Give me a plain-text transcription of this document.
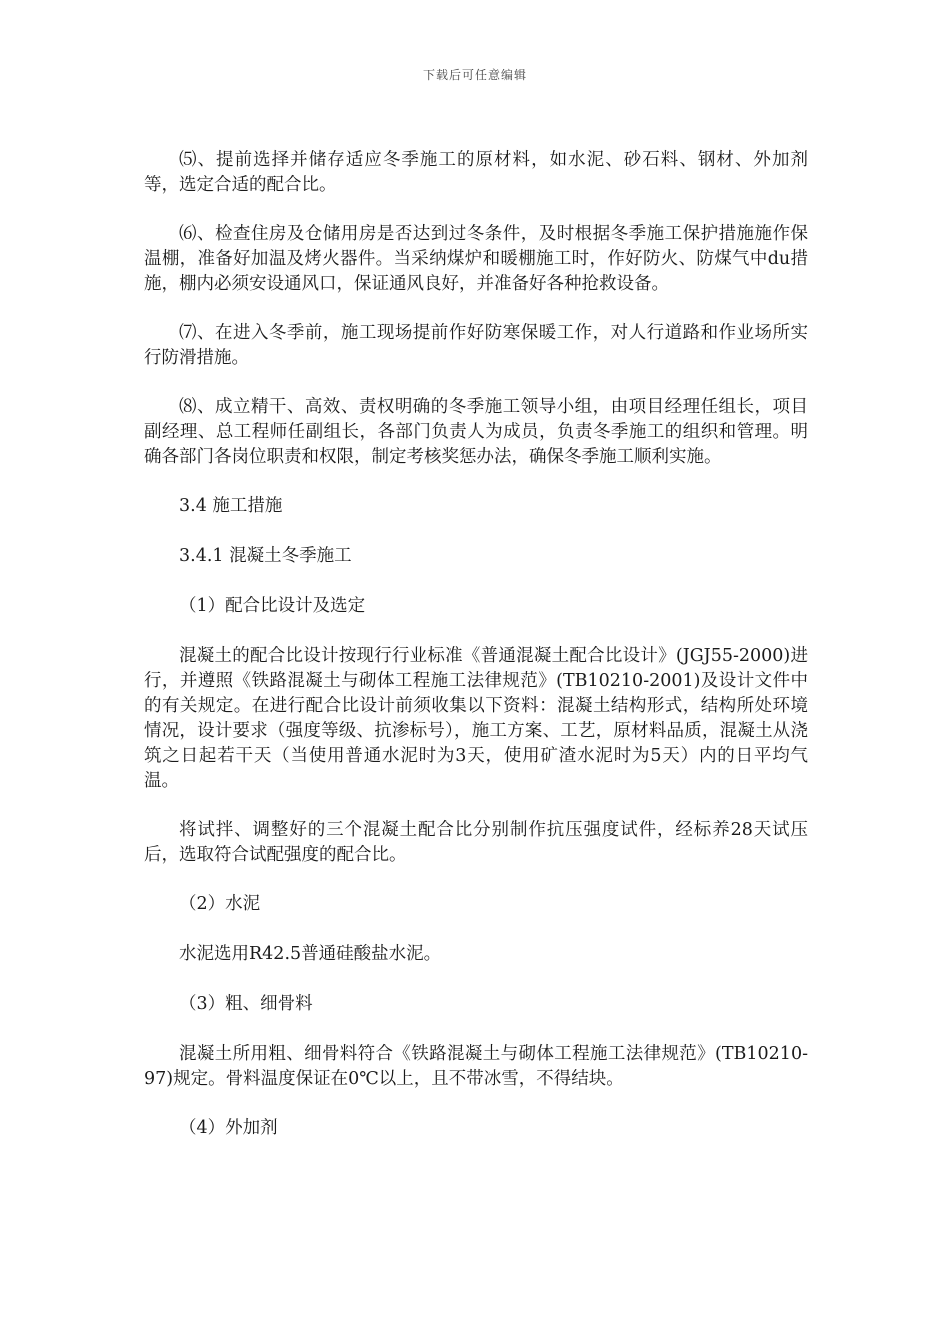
下载后可任意编辑

⑸、提前选择并储存适应冬季施工的原材料，如水泥、砂石料、钢材、外加剂等，选定合适的配合比。

⑹、检查住房及仓储用房是否达到过冬条件，及时根据冬季施工保护措施施作保温棚，准备好加温及烤火器件。当采纳煤炉和暖棚施工时，作好防火、防煤气中du措施，棚内必须安设通风口，保证通风良好，并准备好各种抢救设备。

⑺、在进入冬季前，施工现场提前作好防寒保暖工作，对人行道路和作业场所实行防滑措施。

⑻、成立精干、高效、责权明确的冬季施工领导小组，由项目经理任组长，项目副经理、总工程师任副组长，各部门负责人为成员，负责冬季施工的组织和管理。明确各部门各岗位职责和权限，制定考核奖惩办法，确保冬季施工顺利实施。

3.4 施工措施

3.4.1 混凝土冬季施工

（1）配合比设计及选定

混凝土的配合比设计按现行行业标准《普通混凝土配合比设计》(JGJ55-2000)进行，并遵照《铁路混凝土与砌体工程施工法律规范》(TB10210-2001)及设计文件中的有关规定。在进行配合比设计前须收集以下资料：混凝土结构形式，结构所处环境情况，设计要求（强度等级、抗渗标号），施工方案、工艺，原材料品质，混凝土从浇筑之日起若干天（当使用普通水泥时为3天，使用矿渣水泥时为5天）内的日平均气温。

将试拌、调整好的三个混凝土配合比分别制作抗压强度试件，经标养28天试压后，选取符合试配强度的配合比。

（2）水泥

水泥选用R42.5普通硅酸盐水泥。

（3）粗、细骨料

混凝土所用粗、细骨料符合《铁路混凝土与砌体工程施工法律规范》(TB10210-97)规定。骨料温度保证在0℃以上，且不带冰雪，不得结块。

（4）外加剂
